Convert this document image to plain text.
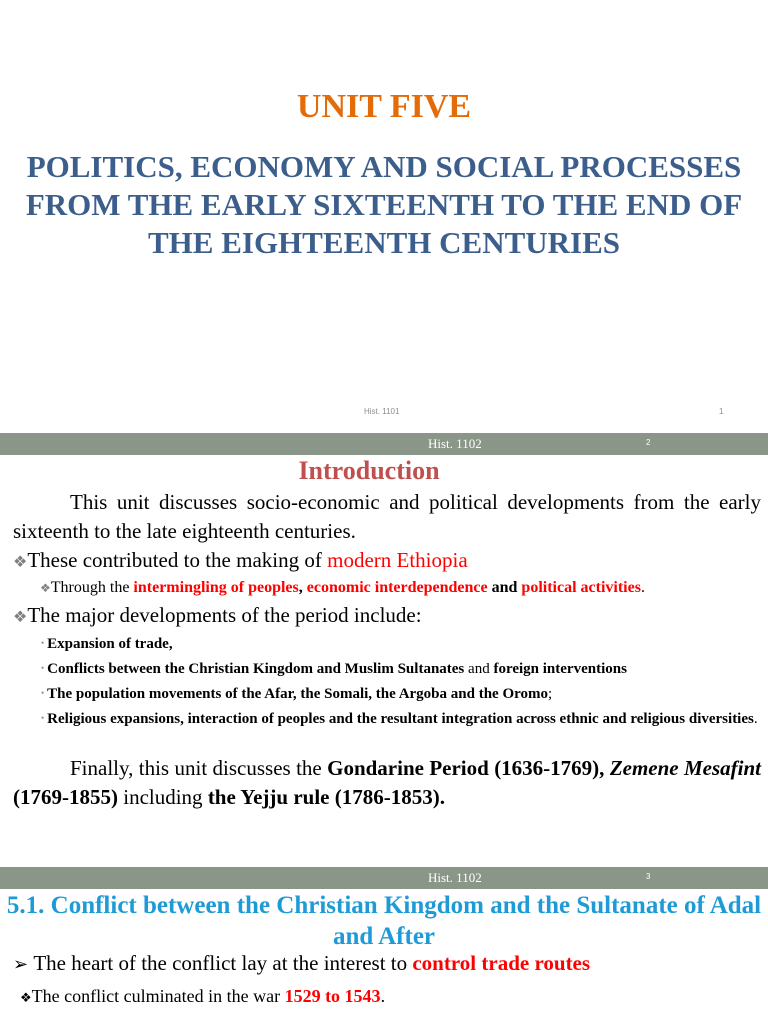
UNIT FIVE
POLITICS, ECONOMY AND SOCIAL PROCESSES FROM THE EARLY SIXTEENTH TO THE END OF THE EIGHTEENTH CENTURIES
Hist. 1101	1
Hist. 1102	2
Introduction
This unit discusses socio-economic and political developments from the early sixteenth to the late eighteenth centuries.
❖These contributed to the making of modern Ethiopia
❖Through the intermingling of peoples, economic interdependence and political activities.
❖The major developments of the period include:
• Expansion of trade,
• Conflicts between the Christian Kingdom and Muslim Sultanates and foreign interventions
• The population movements of the Afar, the Somali, the Argoba and the Oromo;
• Religious expansions, interaction of peoples and the resultant integration across ethnic and religious diversities.
Finally, this unit discusses the Gondarine Period (1636-1769), Zemene Mesafint (1769-1855) including the Yejju rule (1786-1853).
Hist. 1102	3
5.1. Conflict between the Christian Kingdom and the Sultanate of Adal and After
➢ The heart of the conflict lay at the interest to control trade routes
❖The conflict culminated in the war 1529 to 1543.
